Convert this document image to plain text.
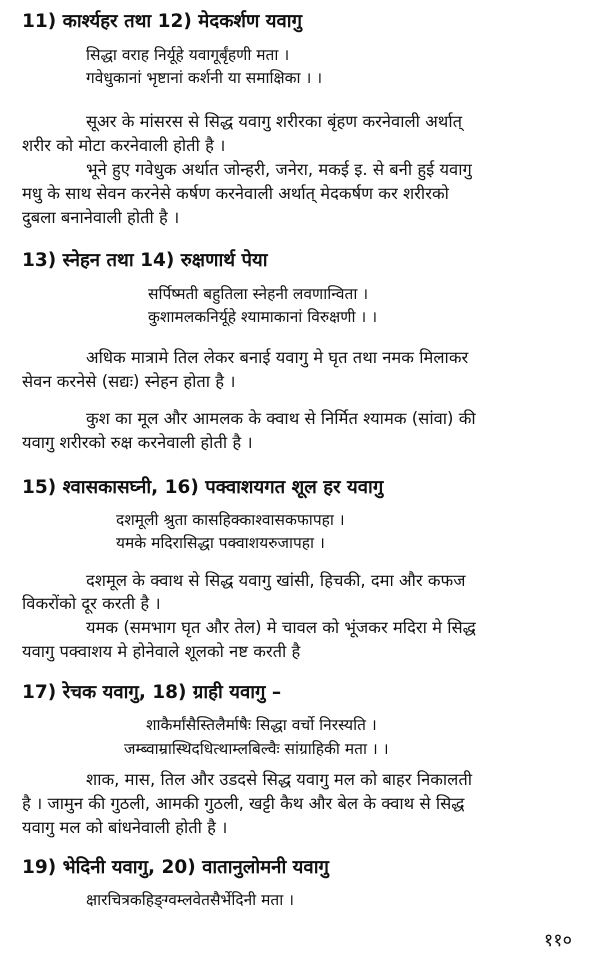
11) कार्श्यहर तथा 12) मेदकर्शण यवागु
सिद्धा वराह निर्यूहे यवागूर्बृंहणी मता ।
गवेधुकानां भृष्टानां कर्शनी या समाक्षिका । ।
सूअर के मांसरस से सिद्ध यवागु शरीरका बृंहण करनेवाली अर्थात्
शरीर को मोटा करनेवाली होती है ।
भूने हुए गवेधुक अर्थात जोन्हरी, जनेरा, मकई इ. से बनी हुई यवागु
मधु के साथ सेवन करनेसे कर्षण करनेवाली अर्थात् मेदकर्षण कर शरीरको
दुबला बनानेवाली होती है ।
13) स्नेहन तथा 14) रुक्षणार्थ पेया
सर्पिष्मती बहुतिला स्नेहनी लवणान्विता ।
कुशामलकनिर्यूहे श्यामाकानां विरुक्षणी । ।
अधिक मात्रामे तिल लेकर बनाई यवागु मे घृत तथा नमक मिलाकर
सेवन करनेसे (सद्यः) स्नेहन होता है ।
कुश का मूल और आमलक के क्वाथ से निर्मित श्यामक (सांवा) की
यवागु शरीरको रुक्ष करनेवाली होती है ।
15) श्वासकासघ्नी, 16) पक्वाशयगत शूल हर यवागु
दशमूली श्रुता कासहिक्काश्वासकफापहा ।
यमके मदिरासिद्धा पक्वाशयरुजापहा ।
दशमूल के क्वाथ से सिद्ध यवागु खांसी, हिचकी, दमा और कफज
विकरोंको दूर करती है ।
यमक (समभाग घृत और तेल) मे चावल को भूंजकर मदिरा मे सिद्ध
यवागु पक्वाशय मे होनेवाले शूलको नष्ट करती है
17) रेचक यवागु, 18) ग्राही यवागु –
शाकैर्मांसैस्तिलैर्माषैः सिद्धा वर्चो निरस्यति ।
जम्ब्वाम्रास्थिदधित्थाम्लबिल्वैः सांग्राहिकी मता । ।
शाक, मास, तिल और उडदसे सिद्ध यवागु मल को बाहर निकालती
है । जामुन की गुठली, आमकी गुठली, खट्टी कैथ और बेल के क्वाथ से सिद्ध
यवागु मल को बांधनेवाली होती है ।
19) भेदिनी यवागु, 20) वातानुलोमनी यवागु
क्षारचित्रकहिङ्ग्वम्लवेतसैर्भेदिनी मता ।
११०
